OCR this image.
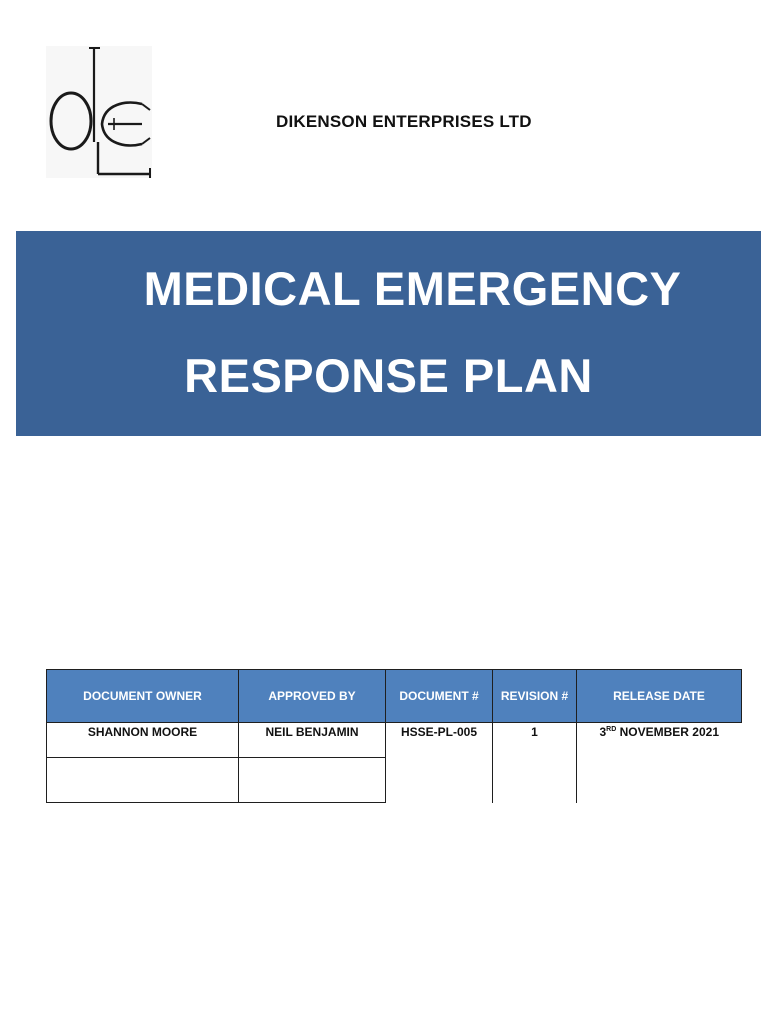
DIKENSON ENTERPRISES LTD
MEDICAL EMERGENCY
RESPONSE PLAN
DOCUMENT OWNER	APPROVED BY	DOCUMENT #	REVISION #	RELEASE DATE
SHANNON MOORE	NEIL BENJAMIN	HSSE-PL-005	1	3RD NOVEMBER 2021
